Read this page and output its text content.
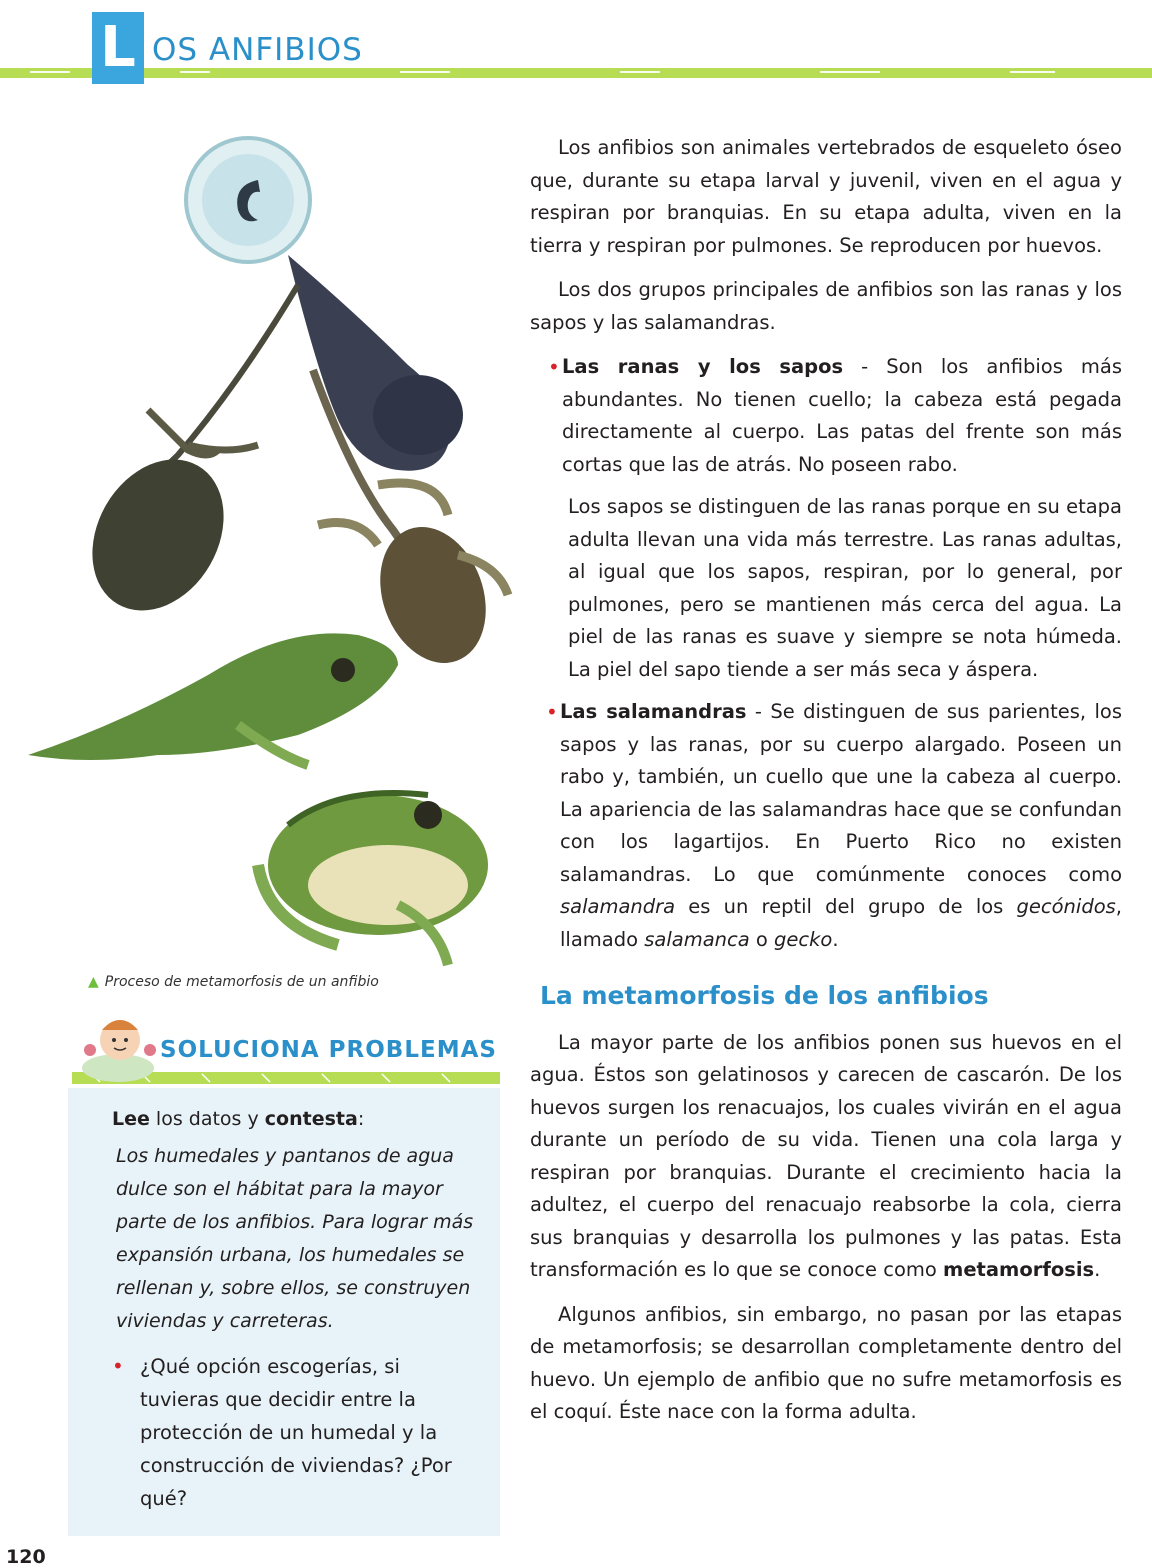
L OS ANFIBIOS
▲ Proceso de metamorfosis de un anfibio

Los anfibios son animales vertebrados de esqueleto óseo que, durante su etapa larval y juvenil, viven en el agua y respiran por branquias. En su etapa adulta, viven en la tierra y respiran por pulmones. Se reproducen por huevos.

Los dos grupos principales de anfibios son las ranas y los sapos y las salamandras.

• Las ranas y los sapos - Son los anfibios más abundantes. No tienen cuello; la cabeza está pegada directamente al cuerpo. Las patas del frente son más cortas que las de atrás. No poseen rabo.

Los sapos se distinguen de las ranas porque en su etapa adulta llevan una vida más terrestre. Las ranas adultas, al igual que los sapos, respiran, por lo general, por pulmones, pero se mantienen más cerca del agua. La piel de las ranas es suave y siempre se nota húmeda. La piel del sapo tiende a ser más seca y áspera.

• Las salamandras - Se distinguen de sus parientes, los sapos y las ranas, por su cuerpo alargado. Poseen un rabo y, también, un cuello que une la cabeza al cuerpo. La apariencia de las salamandras hace que se confundan con los lagartijos. En Puerto Rico no existen salamandras. Lo que comúnmente conoces como salamandra es un reptil del grupo de los gecónidos, llamado salamanca o gecko.
La metamorfosis de los anfibios

La mayor parte de los anfibios ponen sus huevos en el agua. Éstos son gelatinosos y carecen de cascarón. De los huevos surgen los renacuajos, los cuales vivirán en el agua durante un período de su vida. Tienen una cola larga y respiran por branquias. Durante el crecimiento hacia la adultez, el cuerpo del renacuajo reabsorbe la cola, cierra sus branquias y desarrolla los pulmones y las patas. Esta transformación es lo que se conoce como metamorfosis.

Algunos anfibios, sin embargo, no pasan por las etapas de metamorfosis; se desarrollan completamente dentro del huevo. Un ejemplo de anfibio que no sufre metamorfosis es el coquí. Éste nace con la forma adulta.

SOLUCIONA PROBLEMAS

Lee los datos y contesta:

Los humedales y pantanos de agua dulce son el hábitat para la mayor parte de los anfibios. Para lograr más expansión urbana, los humedales se rellenan y, sobre ellos, se construyen viviendas y carreteras.

• ¿Qué opción escogerías, si tuvieras que decidir entre la protección de un humedal y la construcción de viviendas? ¿Por qué?
120
